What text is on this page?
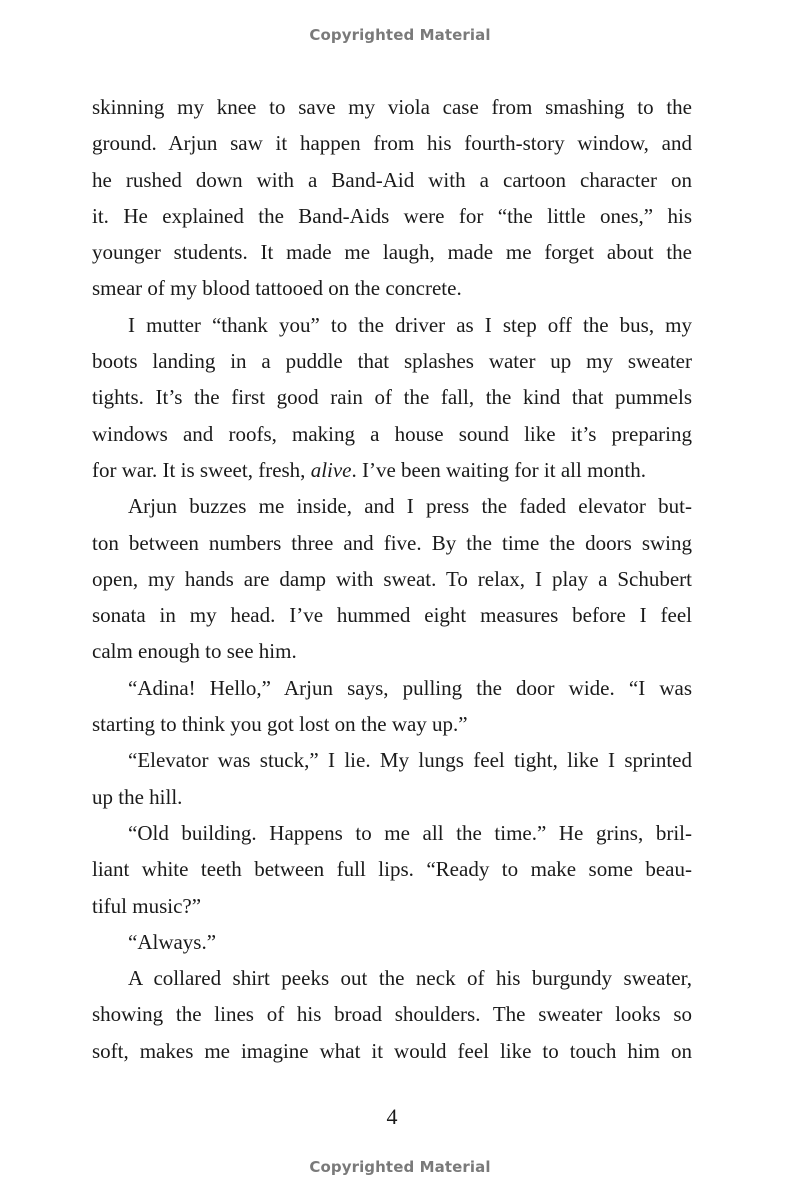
Copyrighted Material
skinning my knee to save my viola case from smashing to the
ground. Arjun saw it happen from his fourth-story window, and
he rushed down with a Band-Aid with a cartoon character on
it. He explained the Band-Aids were for “the little ones,” his
younger students. It made me laugh, made me forget about the
smear of my blood tattooed on the concrete.
I mutter “thank you” to the driver as I step off the bus, my
boots landing in a puddle that splashes water up my sweater
tights. It’s the first good rain of the fall, the kind that pummels
windows and roofs, making a house sound like it’s preparing
for war. It is sweet, fresh, alive. I’ve been waiting for it all month.
Arjun buzzes me inside, and I press the faded elevator but-
ton between numbers three and five. By the time the doors swing
open, my hands are damp with sweat. To relax, I play a Schubert
sonata in my head. I’ve hummed eight measures before I feel
calm enough to see him.
“Adina! Hello,” Arjun says, pulling the door wide. “I was
starting to think you got lost on the way up.”
“Elevator was stuck,” I lie. My lungs feel tight, like I sprinted
up the hill.
“Old building. Happens to me all the time.” He grins, bril-
liant white teeth between full lips. “Ready to make some beau-
tiful music?”
“Always.”
A collared shirt peeks out the neck of his burgundy sweater,
showing the lines of his broad shoulders. The sweater looks so
soft, makes me imagine what it would feel like to touch him on
4
Copyrighted Material
